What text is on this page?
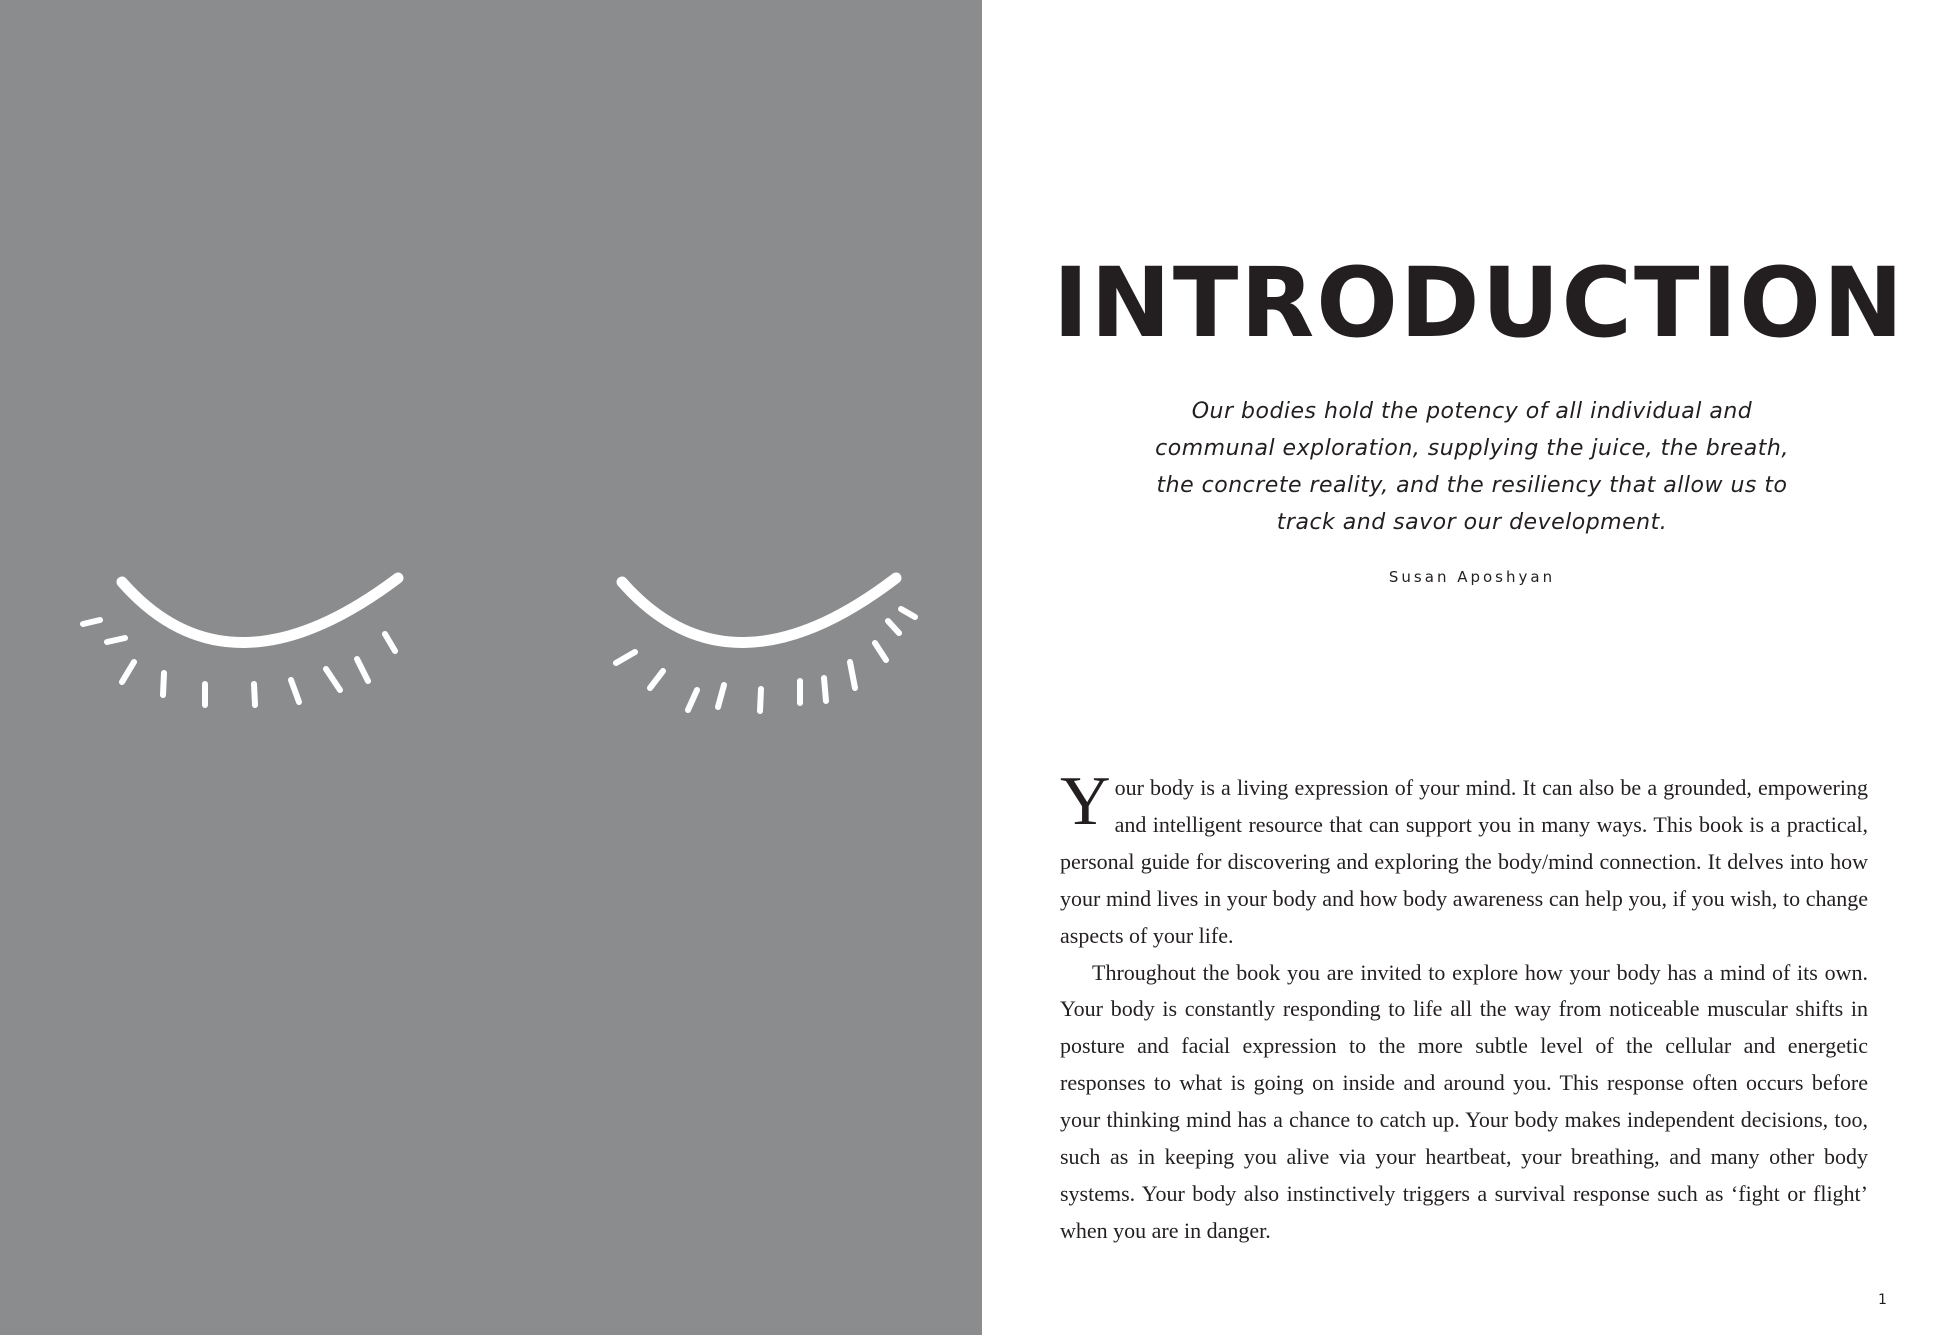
INTRODUCTION
Our bodies hold the potency of all individual and
communal exploration, supplying the juice, the breath,
the concrete reality, and the resiliency that allow us to
track and savor our development.

Susan Aposhyan

Your body is a living expression of your mind. It can also be a grounded, empowering and intelligent resource that can support you in many ways. This book is a practical, personal guide for discovering and exploring the body/mind connection. It delves into how your mind lives in your body and how body awareness can help you, if you wish, to change aspects of your life.

Throughout the book you are invited to explore how your body has a mind of its own. Your body is constantly responding to life all the way from noticeable muscular shifts in posture and facial expression to the more subtle level of the cellular and energetic responses to what is going on inside and around you. This response often occurs before your thinking mind has a chance to catch up. Your body makes independent decisions, too, such as in keeping you alive via your heartbeat, your breathing, and many other body systems. Your body also instinctively triggers a survival response such as ‘fight or flight’ when you are in danger.

1
